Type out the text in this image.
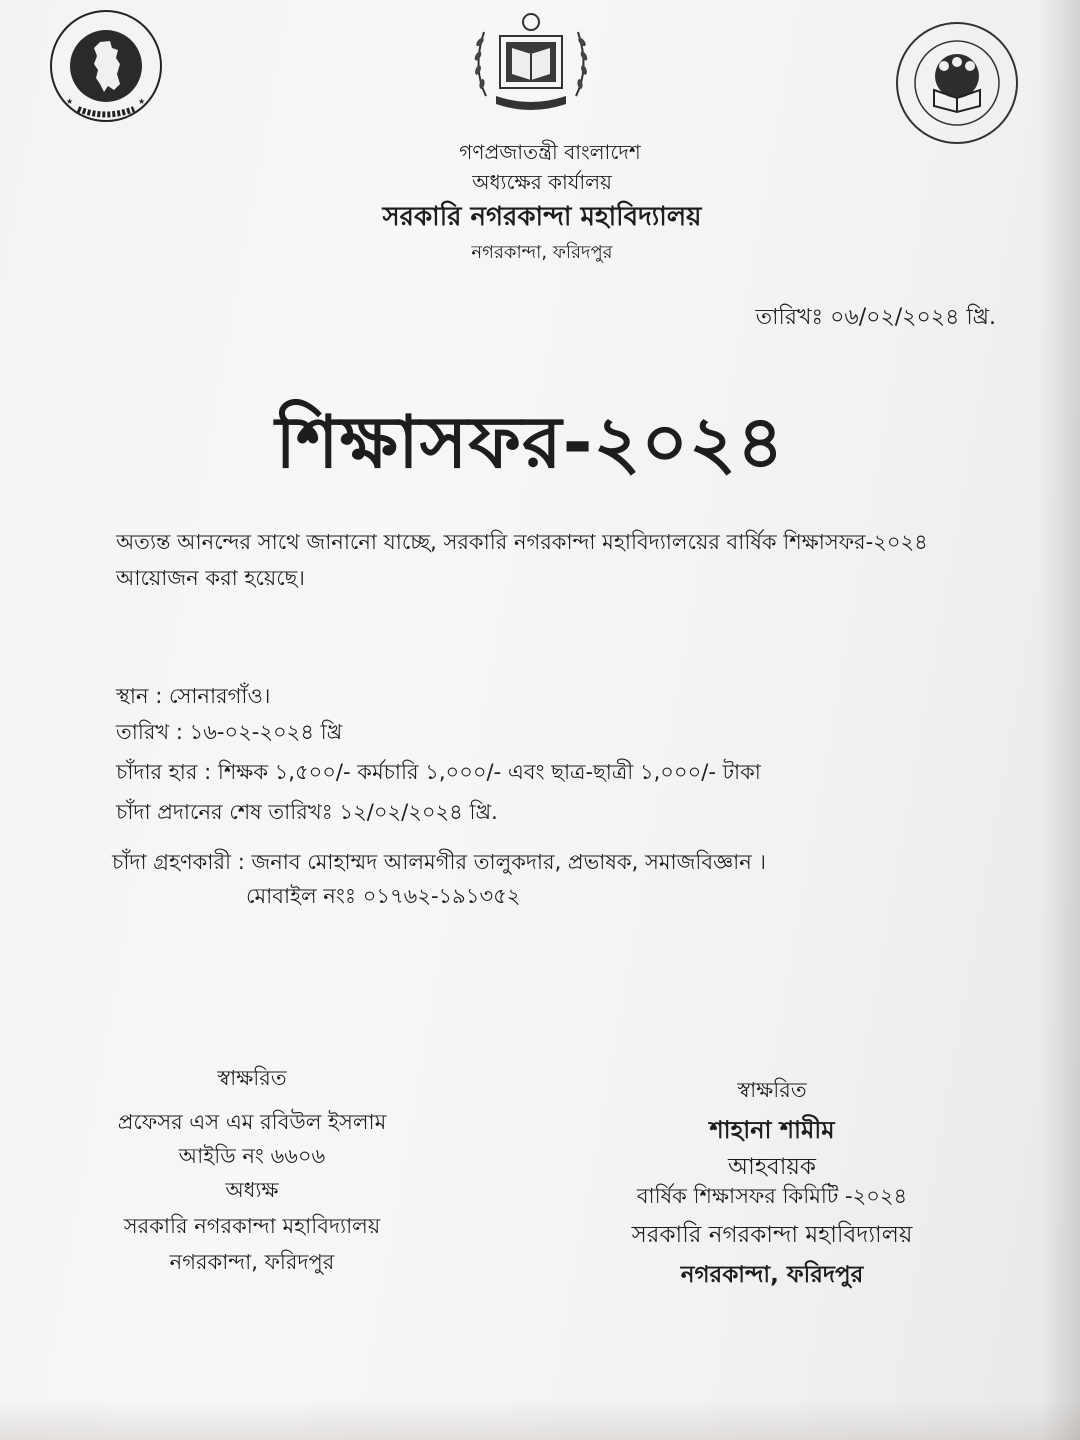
★	★
গণপ্রজাতন্ত্রী বাংলাদেশ
অধ্যক্ষের কার্যালয়
সরকারি নগরকান্দা মহাবিদ্যালয়
নগরকান্দা, ফরিদপুর
তারিখঃ ০৬/০২/২০২৪ খ্রি.
শিক্ষাসফর-২০২৪
অত্যন্ত আনন্দের সাথে জানানো যাচ্ছে, সরকারি নগরকান্দা মহাবিদ্যালয়ের বার্ষিক শিক্ষাসফর-২০২৪
আয়োজন করা হয়েছে।
স্থান : সোনারগাঁও।
তারিখ : ১৬-০২-২০২৪ খ্রি
চাঁদার হার : শিক্ষক ১,৫০০/- কর্মচারি ১,০০০/- এবং ছাত্র-ছাত্রী ১,০০০/- টাকা
চাঁদা প্রদানের শেষ তারিখঃ ১২/০২/২০২৪ খ্রি.
চাঁদা গ্রহণকারী : জনাব মোহাম্মদ আলমগীর তালুকদার, প্রভাষক, সমাজবিজ্ঞান ।
মোবাইল নংঃ ০১৭৬২-১৯১৩৫২
স্বাক্ষরিত
প্রফেসর এস এম রবিউল ইসলাম
আইডি নং ৬৬০৬
অধ্যক্ষ
সরকারি নগরকান্দা মহাবিদ্যালয়
নগরকান্দা, ফরিদপুর
স্বাক্ষরিত
শাহানা শামীম
আহবায়ক
বার্ষিক শিক্ষাসফর কিমিটি -২০২৪
সরকারি নগরকান্দা মহাবিদ্যালয়
নগরকান্দা, ফরিদপুর
